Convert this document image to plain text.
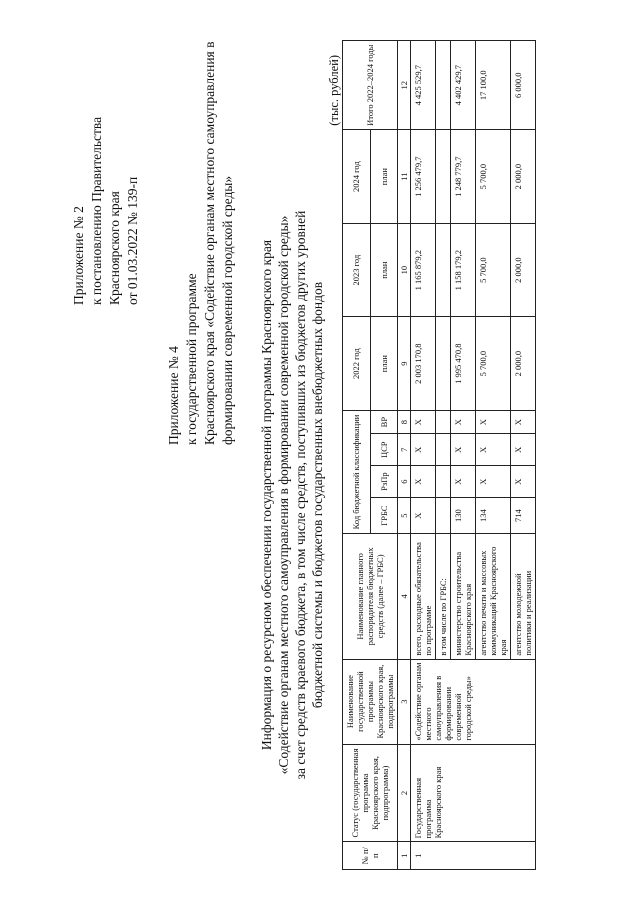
Приложение № 2 к постановлению Правительства Красноярского края от 01.03.2022 № 139-п
Приложение № 4 к государственной программе Красноярского края «Содействие органам местного самоуправления в формировании современной городской среды» Информация о ресурсном обеспечении государственной программы Красноярского края «Содействие органам местного самоуправления в формировании современной городской среды» за счет средств краевого бюджета, в том числе средств, поступивших из бюджетов других уровней бюджетной системы и бюджетов государственных внебюджетных фондов
(тыс. рублей)
№ п/п	Статус (государственная программа Красноярского края, подпрограмма)	Наименование государственной программы Красноярского края, подпрограммы	Наименование главного распорядителя бюджетных средств (далее – ГРБС)	Код бюджетной классификации				2022 год	2023 год	2024 год	Итого 2022–2024 годы
				ГРБС	РзПр	ЦСР	ВР	план	план	план	
1	2	3	4	5	6	7	8	9	10	11	12
1	Государственная программа Красноярского края	«Содействие органам местного самоуправления в формировании современной городской среды»	всего, расходные обязательства по программе	Х	Х	Х	Х	2 003 170,8	1 165 879,2	1 256 479,7	4 425 529,7
			в том числе по ГРБС:								
			министерство строительства Красноярского края	130	Х	Х	Х	1 995 470,8	1 158 179,2	1 248 779,7	4 402 429,7
			агентство печати и массовых коммуникаций Красноярского края	134	Х	Х	Х	5 700,0	5 700,0	5 700,0	17 100,0
			агентство молодежной политики и реализации	714	Х	Х	Х	2 000,0	2 000,0	2 000,0	6 000,0
